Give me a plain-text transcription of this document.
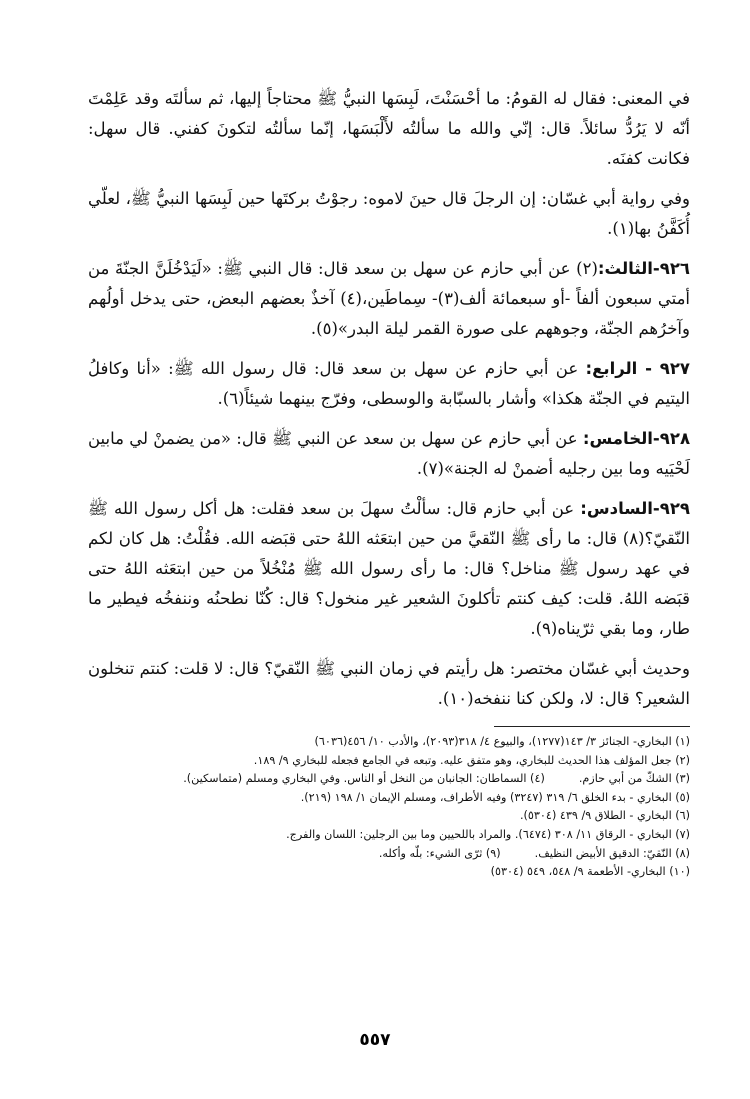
في المعنى: فقال له القومُ: ما أحْسَنْتَ، لَبِسَها النبيُّ ﷺ محتاجاً إليها، ثم سألتَه وقد عَلِمْتَ أنّه لا يَرُدُّ سائلاً. قال: إنّي والله ما سألتُه لأَلْبَسَها، إنّما سألتُه لتكونَ كفني. قال سهل: فكانت كفنَه.

وفي رواية أبي غسّان: إن الرجلَ قال حينَ لاموه: رجوْتُ بركتَها حين لَبِسَها النبيُّ ﷺ، لعلّي أُكَفَّنُ بها(١).

٩٢٦-الثالث:(٢) عن أبي حازم عن سهل بن سعد قال: قال النبي ﷺ: «لَيَدْخُلَنَّ الجنّةَ من أمتي سبعون ألفاً -أو سبعمائة ألف(٣)- سِماطَين،(٤) آخذٌ بعضهم البعض، حتى يدخل أولُهم وآخرُهم الجنّة، وجوههم على صورة القمر ليلة البدر»(٥).

٩٢٧ - الرابع: عن أبي حازم عن سهل بن سعد قال: قال رسول الله ﷺ: «أنا وكافلُ اليتيم في الجنّة هكذا» وأشار بالسبّابة والوسطى، وفرّج بينهما شيئاً(٦).

٩٢٨-الخامس: عن أبي حازم عن سهل بن سعد عن النبي ﷺ قال: «من يضمنْ لي مابين لَحْيَيه وما بين رجليه أضمنْ له الجنة»(٧).

٩٢٩-السادس: عن أبي حازم قال: سألْتُ سهلَ بن سعد فقلت: هل أكل رسول الله ﷺ النّقيّ؟(٨) قال: ما رأى ﷺ النّقيَّ من حين ابتعَثه اللهُ حتى قبَضه الله. فقُلْتُ: هل كان لكم في عهد رسول ﷺ مناخل؟ قال: ما رأى رسول الله ﷺ مُنْخُلاً من حين ابتعَثه اللهُ حتى قبَضه اللهُ. قلت: كيف كنتم تأكلونَ الشعير غير منخول؟ قال: كُنّا نطحنُه وننفخُه فيطير ما طار، وما بقي ثرّيناه(٩).

وحديث أبي غسّان مختصر: هل رأيتم في زمان النبي ﷺ النّقيّ؟ قال: لا قلت: كنتم تنخلون الشعير؟ قال: لا، ولكن كنا ننفخه(١٠).

(١) البخاري- الجنائز ٣/ ١٤٣(١٢٧٧)، والبيوع ٤/ ٣١٨(٢٠٩٣)، والأدب ١٠/ ٤٥٦(٦٠٣٦)
(٢) جعل المؤلف هذا الحديث للبخاري، وهو متفق عليه. وتبعه في الجامع فجعله للبخاري ٩/ ١٨٩.
(٣) الشكّ من أبي حازم.
(٤) السماطان: الجانبان من النخل أو الناس. وفي البخاري ومسلم (متماسكين).
(٥) البخاري - بدء الخلق ٦/ ٣١٩ (٣٢٤٧) وفيه الأطراف، ومسلم الإيمان ١/ ١٩٨ (٢١٩).
(٦) البخاري - الطلاق ٩/ ٤٣٩ (٥٣٠٤).
(٧) البخاري - الرقاق ١١/ ٣٠٨ (٦٤٧٤). والمراد باللحيين وما بين الرجلين: اللسان والفرج.
(٨) النّقيّ: الدقيق الأبيض النظيف.
(٩) ثرّى الشيء: بلّه وأكله.
(١٠) البخاري- الأطعمة ٩/ ٥٤٨، ٥٤٩ (٥٣٠٤)
٥٥٧
